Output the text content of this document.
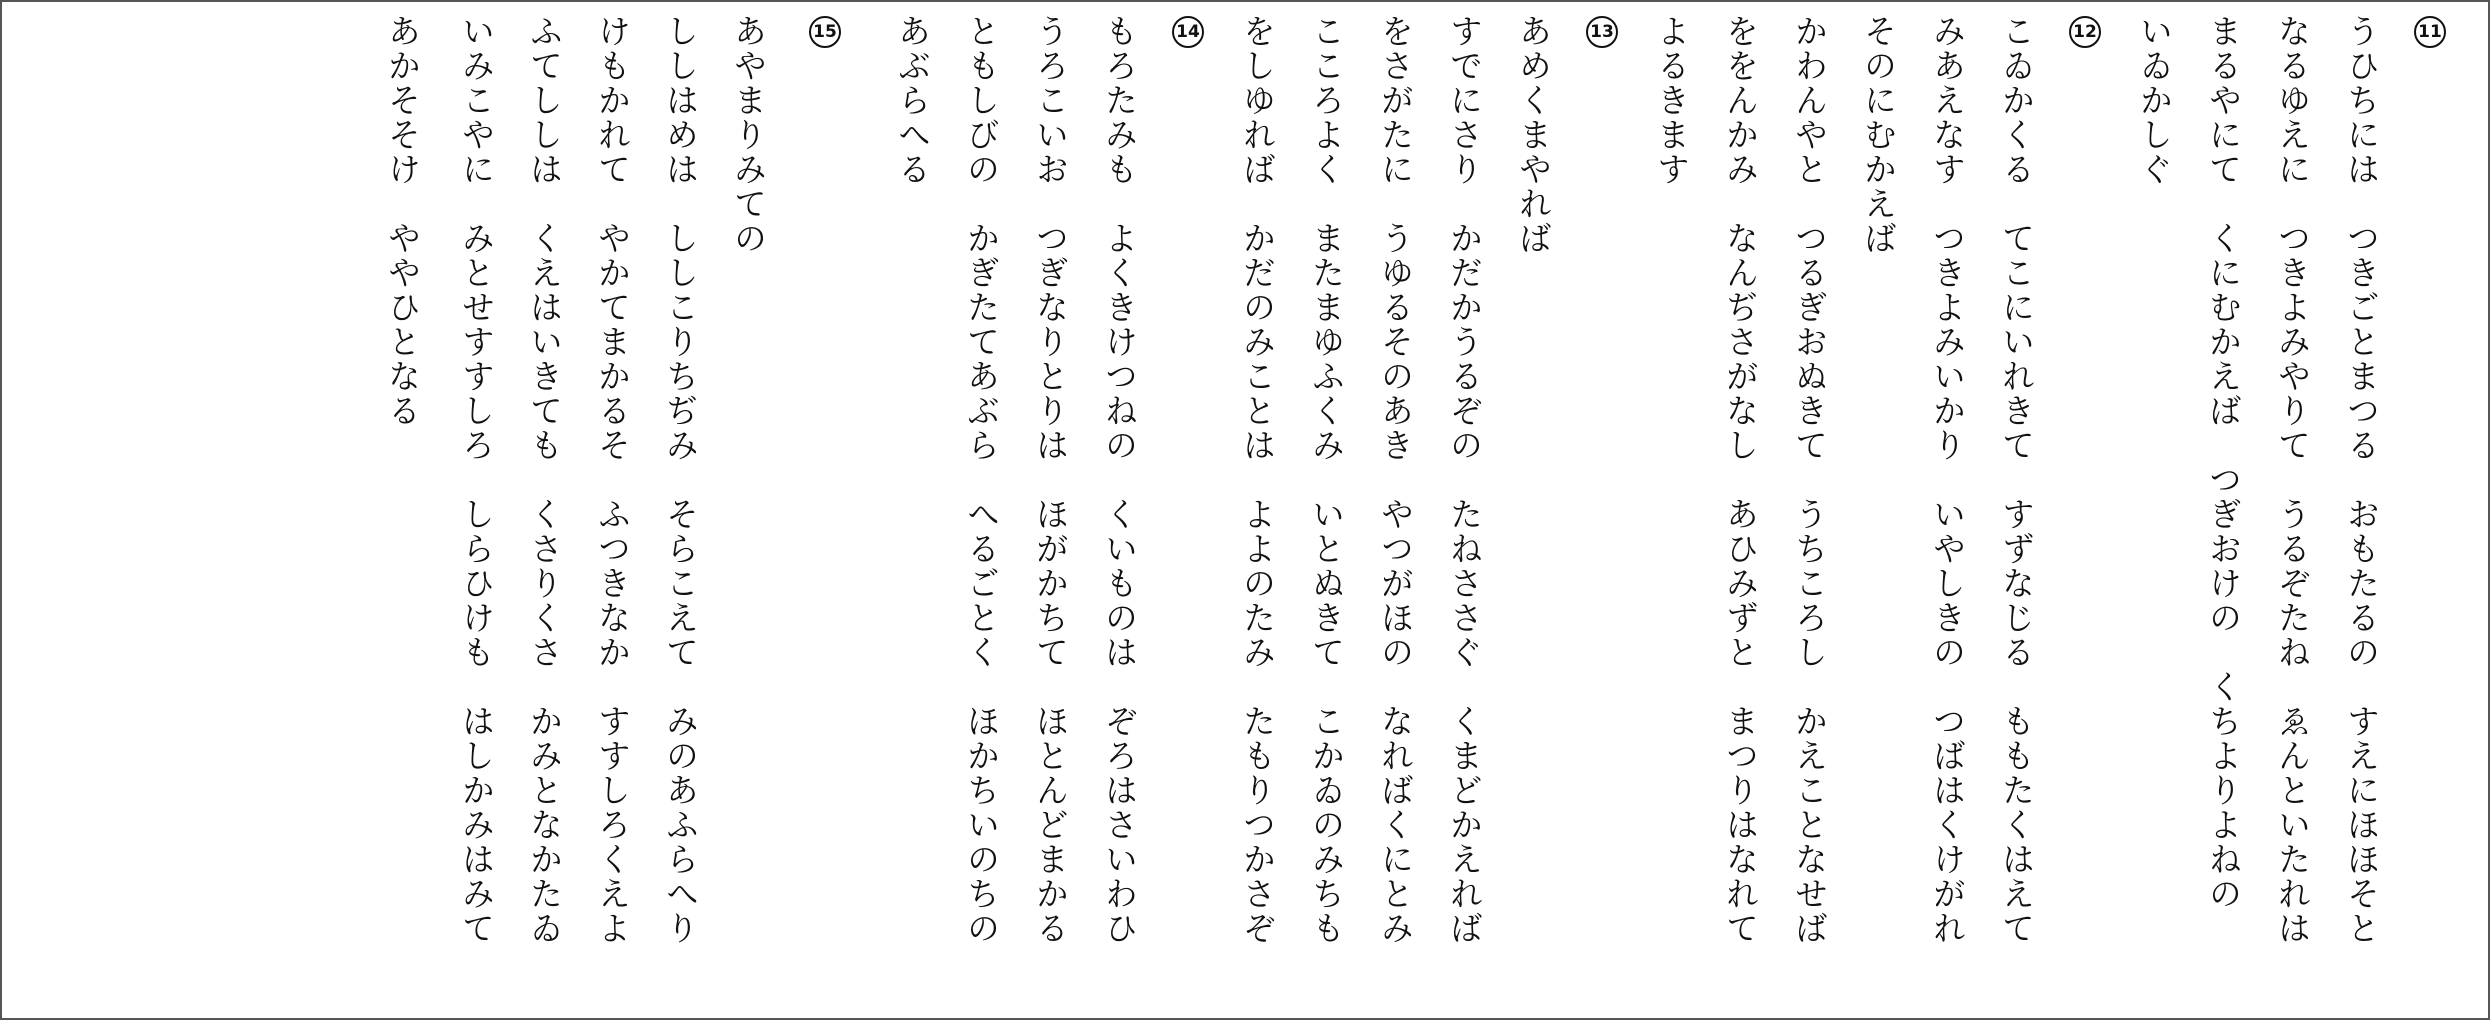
11
うひちには　つきごとまつる　おもたるの　すえにほほそと
なるゆえに　つきよみやりて　うるぞたね　ゑんといたれは
まるやにて　くにむかえば　つぎおけの　くちよりよねの
いゐかしぐ
12
こゐかくる　てこにいれきて　すずなじる　ももたくはえて
みあえなす　つきよみいかり　いやしきの　つばはくけがれ
そのにむかえば
かわんやと　つるぎおぬきて　うちころし　かえことなせば
ををんかみ　なんぢさがなし　あひみずと　まつりはなれて
よるきます
13
あめくまやれば
すでにさり　かだかうるぞの　たねささぐ　くまどかえれば
をさがたに　うゆるそのあき　やつがほの　なればくにとみ
こころよく　またまゆふくみ　いとぬきて　こかゐのみちも
をしゆれば　かだのみことは　よよのたみ　たもりつかさぞ
14
もろたみも　よくきけつねの　くいものは　ぞろはさいわひ
うろこいお　つぎなりとりは　ほがかちて　ほとんどまかる
ともしびの　かぎたてあぶら　へるごとく　ほかちいのちの
あぶらへる
15
あやまりみての
ししはめは　ししこりちぢみ　そらこえて　みのあふらへり
けもかれて　やかてまかるそ　ふつきなか　すすしろくえよ
ふてししは　くえはいきても　くさりくさ　かみとなかたゐ
いみこやに　みとせすすしろ　しらひけも　はしかみはみて
あかそそけ　ややひとなる
